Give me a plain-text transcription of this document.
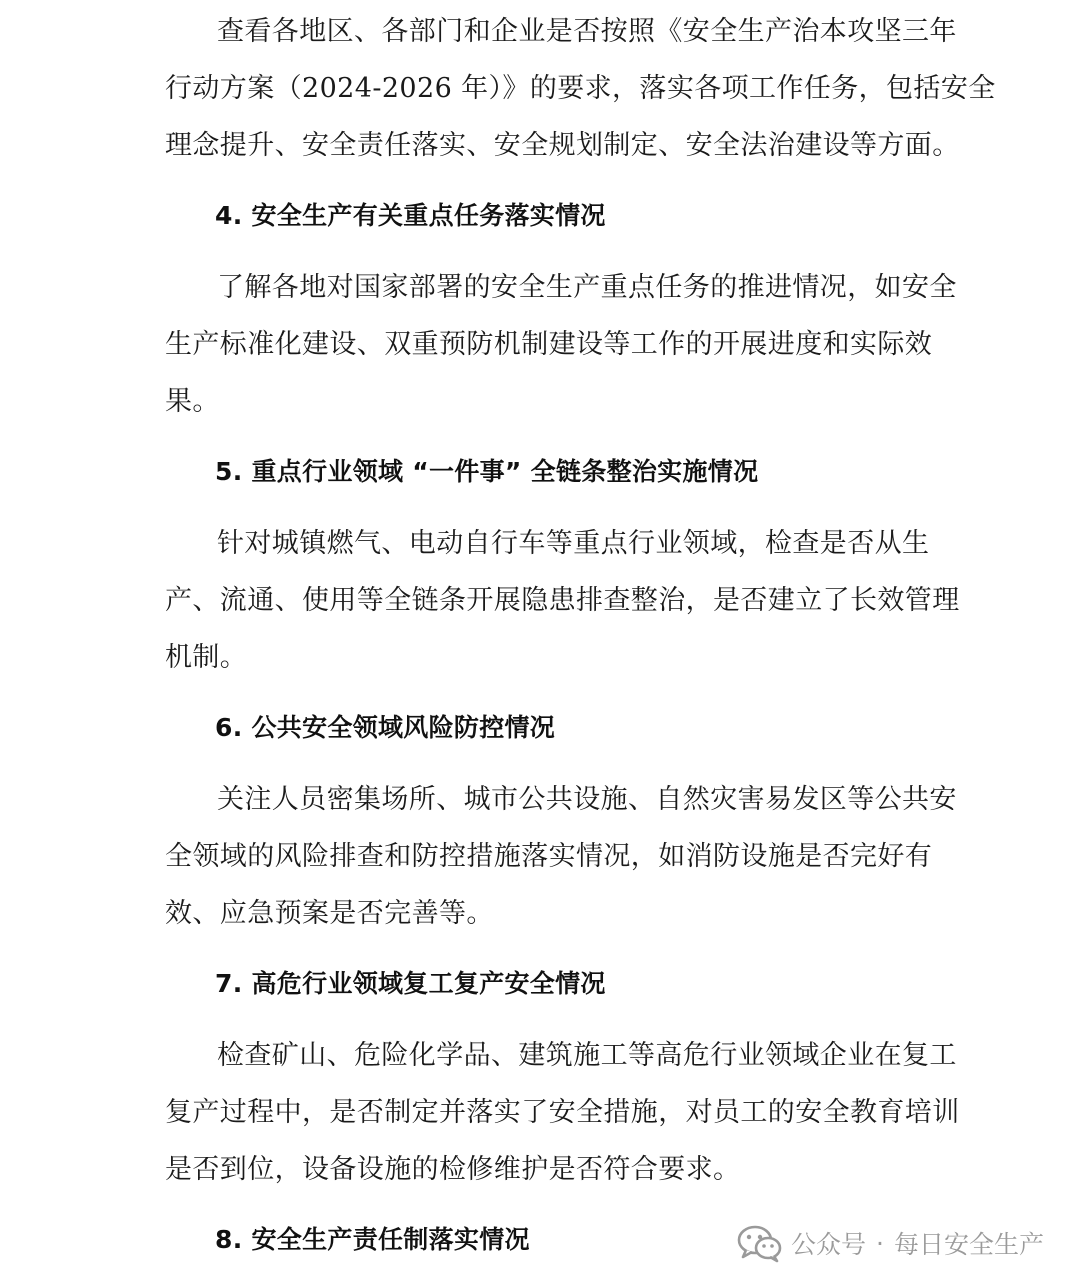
查看各地区、各部门和企业是否按照《安全生产治本攻坚三年
行动方案（2024-2026 年）》的要求，落实各项工作任务，包括安全
理念提升、安全责任落实、安全规划制定、安全法治建设等方面。

4. 安全生产有关重点任务落实情况

了解各地对国家部署的安全生产重点任务的推进情况，如安全
生产标准化建设、双重预防机制建设等工作的开展进度和实际效
果。

5. 重点行业领域 “一件事” 全链条整治实施情况

针对城镇燃气、电动自行车等重点行业领域，检查是否从生
产、流通、使用等全链条开展隐患排查整治，是否建立了长效管理
机制。

6. 公共安全领域风险防控情况

关注人员密集场所、城市公共设施、自然灾害易发区等公共安
全领域的风险排查和防控措施落实情况，如消防设施是否完好有
效、应急预案是否完善等。

7. 高危行业领域复工复产安全情况

检查矿山、危险化学品、建筑施工等高危行业领域企业在复工
复产过程中，是否制定并落实了安全措施，对员工的安全教育培训
是否到位，设备设施的检修维护是否符合要求。

8. 安全生产责任制落实情况	公众号 · 每日安全生产
